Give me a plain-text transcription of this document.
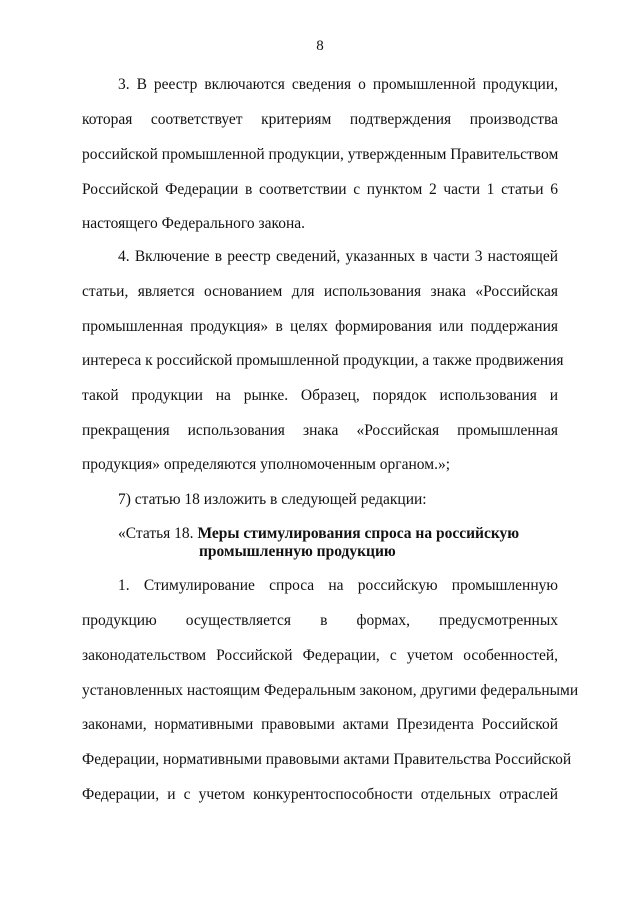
8
3. В реестр включаются сведения о промышленной продукции,
которая соответствует критериям подтверждения производства
российской промышленной продукции, утвержденным Правительством
Российской Федерации в соответствии с пунктом 2 части 1 статьи 6
настоящего Федерального закона.
4. Включение в реестр сведений, указанных в части 3 настоящей
статьи, является основанием для использования знака «Российская
промышленная продукция» в целях формирования или поддержания
интереса к российской промышленной продукции, а также продвижения
такой продукции на рынке. Образец, порядок использования и
прекращения использования знака «Российская промышленная
продукция» определяются уполномоченным органом.»;
7) статью 18 изложить в следующей редакции:
«Статья 18. Меры стимулирования спроса на российскую
промышленную продукцию
1. Стимулирование спроса на российскую промышленную
продукцию осуществляется в формах, предусмотренных
законодательством Российской Федерации, с учетом особенностей,
установленных настоящим Федеральным законом, другими федеральными
законами, нормативными правовыми актами Президента Российской
Федерации, нормативными правовыми актами Правительства Российской
Федерации, и с учетом конкурентоспособности отдельных отраслей
